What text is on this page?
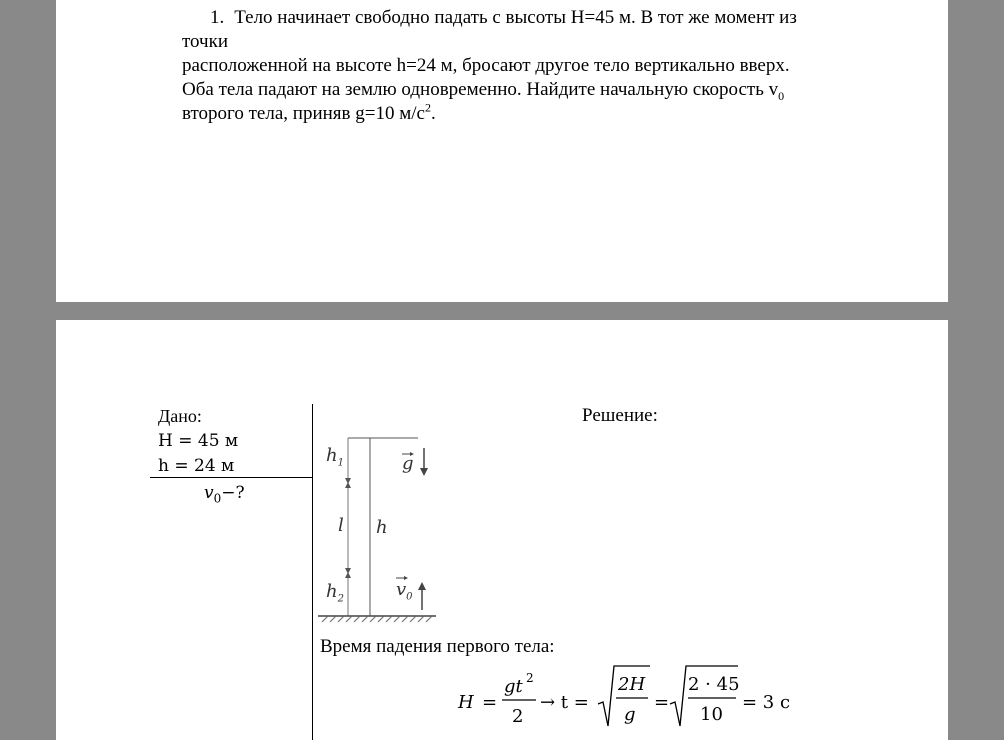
1. Тело начинает свободно падать с высоты H=45 м. В тот же момент из
точки
расположенной на высоте h=24 м, бросают другое тело вертикально вверх.
Оба тела падают на землю одновременно. Найдите начальную скорость $v_0$
второго тела, приняв g=10 $м/с^2$.
Дано:
H = 45 м
h = 24 м
$v_0-$?
Решение:
$h_1$	g
l h
$h_2$	$v_0$
Время падения первого тела:
H =
gt 2
2
→ t =
2H
g
=
2 · 45
10
= 3 с
